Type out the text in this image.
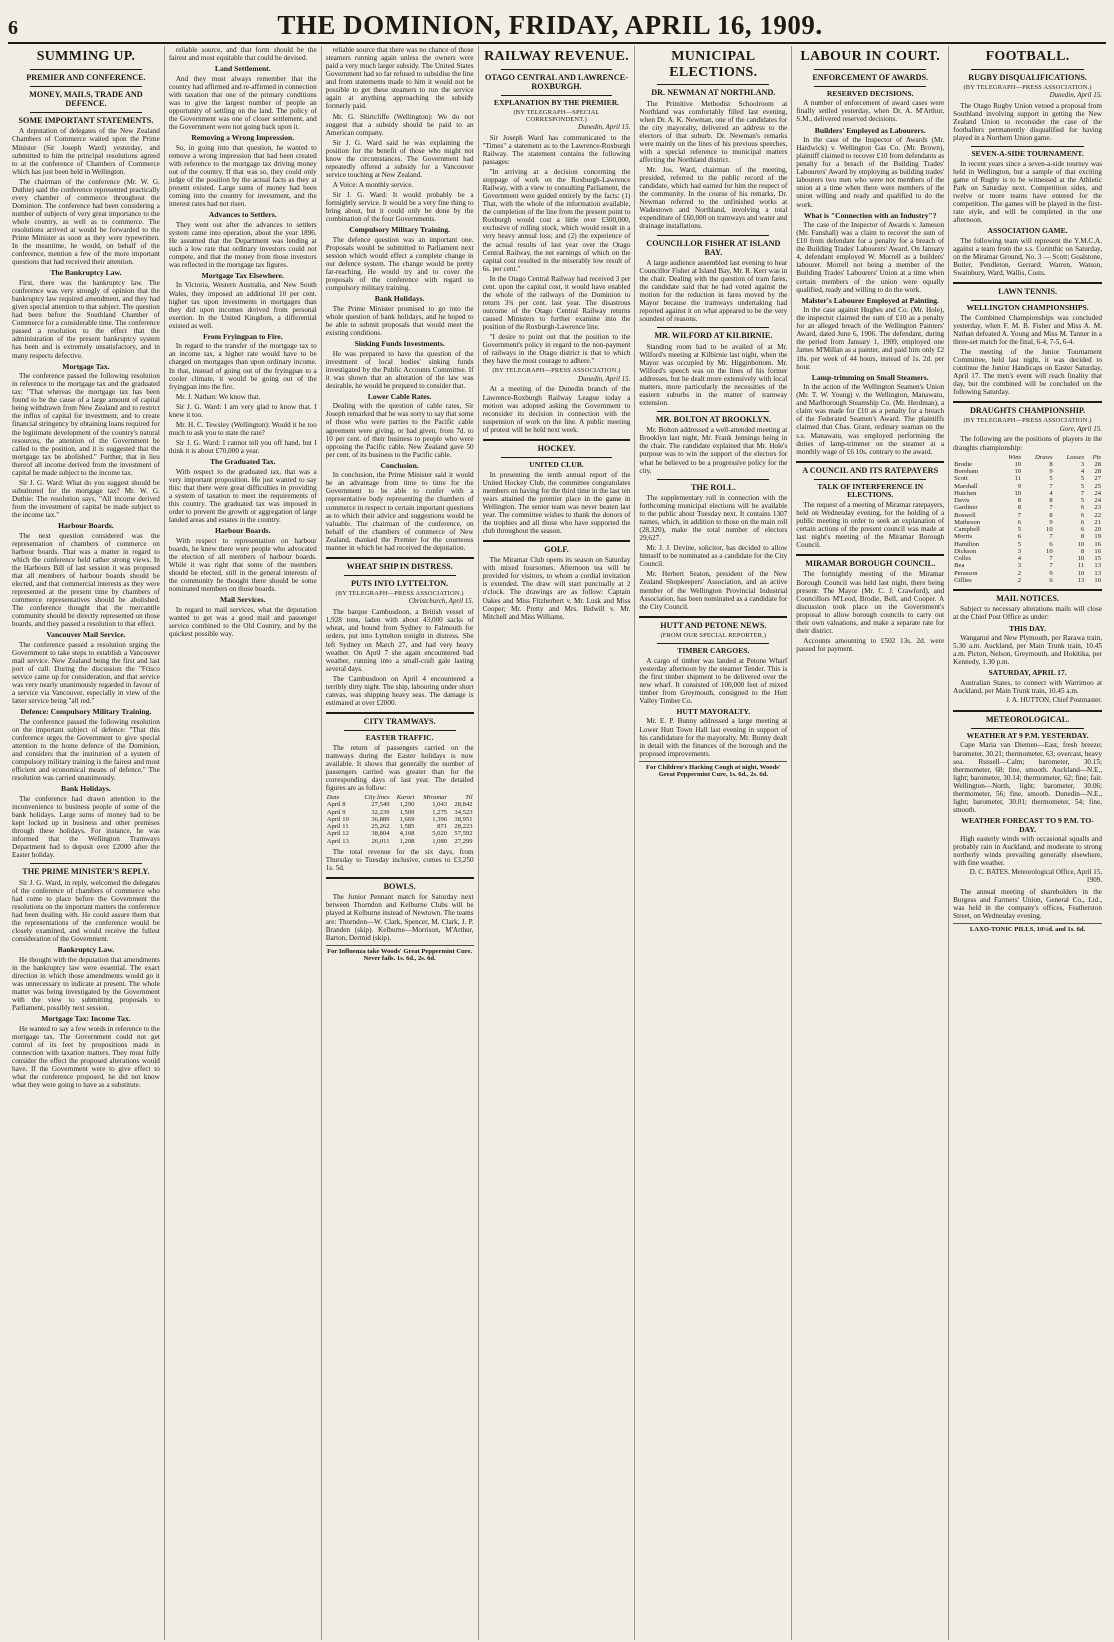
6	THE DOMINION, FRIDAY, APRIL 16, 1909.
SUMMING UP.
PREMIER AND CONFERENCE.
MONEY, MAILS, TRADE AND DEFENCE.
SOME IMPORTANT STATEMENTS.

A deputation of delegates of the New Zealand Chambers of Commerce waited upon the Prime Minister (Sir Joseph Ward) yesterday, and submitted to him the principal resolutions agreed to at the conference of Chambers of Commerce which has just been held in Wellington.

The chairman of the conference (Mr. W. G. Duthie) said the conference represented practically every chamber of commerce throughout the Dominion. The conference had been considering a number of subjects of very great importance to the whole country, as well as to commerce. The resolutions arrived at would be forwarded to the Prime Minister as soon as they were typewritten. In the meantime, he would, on behalf of the conference, mention a few of the more important questions that had received their attention.

The Bankruptcy Law.

First, there was the bankruptcy law. The conference was very strongly of opinion that the bankruptcy law required amendment, and they had given special attention to that subject. The question had been before the Southland Chamber of Commerce for a considerable time. The conference passed a resolution to the effect that the administration of the present bankruptcy system has been and is extremely unsatisfactory, and in many respects defective.

Mortgage Tax.

The conference passed the following resolution in reference to the mortgage tax and the graduated tax: "That whereas the mortgage tax has been found to be the cause of a large amount of capital being withdrawn from New Zealand and to restrict the influx of capital for investment, and to create financial stringency by obtaining loans required for the legitimate development of the country's natural resources, the attention of the Government be called to the position, and it is suggested that the mortgage tax be abolished." Further, that in lieu thereof all income derived from the investment of capital be made subject to the income tax.

Sir J. G. Ward: What do you suggest should be substituted for the mortgage tax? Mr. W. G. Duthie: The resolution says, "All income derived from the investment of capital be made subject to the income tax."

Harbour Boards.

The next question considered was the representation of chambers of commerce on harbour boards. That was a matter in regard to which the conference held rather strong views. In the Harbours Bill of last session it was proposed that all members of harbour boards should be elected, and that commercial interests as they were represented at the present time by chambers of commerce representatives should be abolished. The conference thought that the mercantile community should be directly represented on those boards, and they passed a resolution to that effect.

Vancouver Mail Service.

The conference passed a resolution urging the Government to take steps to establish a Vancouver mail service. New Zealand being the first and last port of call. During the discussion the "Frisco service came up for consideration, and that service was very nearly unanimously regarded in favour of a service via Vancouver, especially in view of the latter service being "all red."

Defence: Compulsory Military Training.

The conference passed the following resolution on the important subject of defence: "That this conference urges the Government to give special attention to the home defence of the Dominion, and considers that the institution of a system of compulsory military training is the fairest and most efficient and economical means of defence." The resolution was carried unanimously.

Bank Holidays.

The conference had drawn attention to the inconvenience to business people of some of the bank holidays. Large sums of money had to be kept locked up in business and other premises through these holidays. For instance, he was informed that the Wellington Tramways Department had to deposit over £2000 after the Easter holiday.

THE PRIME MINISTER'S REPLY.

Sir J. G. Ward, in reply, welcomed the delegates of the conference of chambers of commerce who had come to place before the Government the resolutions on the important matters the conference had been dealing with. He could assure them that the representations of the conference would be closely examined, and would receive the fullest consideration of the Government.

Bankruptcy Law.

He thought with the deputation that amendments in the bankruptcy law were essential. The exact direction in which those amendments would go it was unnecessary to indicate at present. The whole matter was being investigated by the Government with the view to submitting proposals to Parliament, possibly next session.

Mortgage Tax: Income Tax.

He wanted to say a few words in reference to the mortgage tax. The Government could not get control of its feet by propositions made in connection with taxation matters. They must fully consider the effect the proposed alterations would have. If the Government were to give effect to what the conference proposed, he did not know what they were going to have as a substitute.

reliable source, and that form should be the fairest and most equitable that could be devised.

Land Settlement.

And they must always remember that the country had affirmed and re-affirmed in connection with taxation that one of the primary conditions was to give the largest number of people an opportunity of settling on the land. The policy of the Government was one of closer settlement, and the Government were not going back upon it.

Removing a Wrong Impression.

So, in going into that question, he wanted to remove a wrong impression that had been created with reference to the mortgage tax driving money out of the country. If that was so, they could only judge of the position by the actual facts as they at present existed. Large sums of money had been coming into the country for investment, and the interest rates had not risen.

Advances to Settlers.

They went out after the advances to settlers system came into operation, about the year 1896. He assumed that the Department was lending at such a low rate that ordinary investors could not compete, and that the money from those investors was reflected in the mortgage tax figures.

Mortgage Tax Elsewhere.

In Victoria, Western Australia, and New South Wales, they imposed an additional 10 per cent. higher tax upon investments in mortgages than they did upon incomes derived from personal exertion. In the United Kingdom, a differential existed as well.

From Fryingpan to Fire.

In regard to the transfer of the mortgage tax to an income tax, a higher rate would have to be charged on mortgages than upon ordinary income. In that, instead of going out of the fryingpan to a cooler climate, it would be going out of the fryingpan into the fire.

Mr. J. Nathan: We know that.

Sir J. G. Ward: I am very glad to know that. I knew it too.

Mr. H. C. Tewsley (Wellington): Would it be too much to ask you to state the rate?

Sir J. G. Ward: I cannot tell you off hand, but I think it is about £70,000 a year.

The Graduated Tax.

With respect to the graduated tax, that was a very important proposition. He just wanted to say this: that there were great difficulties in providing a system of taxation to meet the requirements of this country. The graduated tax was imposed in order to prevent the growth or aggregation of large landed areas and estates in the country.

Harbour Boards.

With respect to representation on harbour boards, he knew there were people who advocated the election of all members of harbour boards. While it was right that some of the members should be elected, still in the general interests of the community he thought there should be some nominated members on those boards.

Mail Services.

In regard to mail services, what the deputation wanted to get was a good mail and passenger service combined to the Old Country, and by the quickest possible way.

reliable source that there was no chance of those steamers running again unless the owners were paid a very much larger subsidy. The United States Government had so far refused to subsidise the line and from statements made to him it would not be possible to get these steamers to run the service again at anything approaching the subsidy formerly paid.

Mr. G. Shirtcliffe (Wellington): We do not suggest that a subsidy should be paid to an American company.

Sir J. G. Ward said he was explaining the position for the benefit of those who might not know the circumstances. The Government had repeatedly offered a subsidy for a Vancouver service touching at New Zealand.

A Voice: A monthly service.

Sir J. G. Ward: It would probably be a fortnightly service. It would be a very fine thing to bring about, but it could only be done by the combination of the four Governments.

Compulsory Military Training.

The defence question was an important one. Proposals would be submitted to Parliament next session which would effect a complete change in our defence system. The change would be pretty far-reaching. He would try and to cover the proposals of the conference with regard to compulsory military training.

Bank Holidays.

The Prime Minister promised to go into the whole question of bank holidays, and he hoped to be able to submit proposals that would meet the existing conditions.

Sinking Funds Investments.

He was prepared to have the question of the investment of local bodies' sinking funds investigated by the Public Accounts Committee. If it was shown that an alteration of the law was desirable, he would be prepared to consider that.

Lower Cable Rates.

Dealing with the question of cable rates, Sir Joseph remarked that he was sorry to say that some of those who were parties to the Pacific cable agreement were giving, or had given, from 7d. to 10 per cent. of their business to people who were opposing the Pacific cable. New Zealand gave 50 per cent. of its business to the Pacific cable.

Conclusion.

In conclusion, the Prime Minister said it would be an advantage from time to time for the Government to be able to confer with a representative body representing the chambers of commerce in respect to certain important questions as to which their advice and suggestions would be valuable. The chairman of the conference, on behalf of the chambers of commerce of New Zealand, thanked the Premier for the courteous manner in which he had received the deputation.

WHEAT SHIP IN DISTRESS.
PUTS INTO LYTTELTON.
(BY TELEGRAPH—PRESS ASSOCIATION.)
Christchurch, April 15.

The barque Cambusdoon, a British vessel of 1,928 tons, laden with about 43,000 sacks of wheat, and bound from Sydney to Falmouth for orders, put into Lyttelton tonight in distress. She left Sydney on March 27, and had very heavy weather. On April 7 she again encountered bad weather, running into a small-craft gale lasting several days.

The Cambusdoon on April 4 encountered a terribly dirty night. The ship, labouring under short canvas, was shipping heavy seas. The damage is estimated at over £2000.

CITY TRAMWAYS.
EASTER TRAFFIC.

The return of passengers carried on the tramways during the Easter holidays is now available. It shows that generally the number of passengers carried was greater than for the corresponding days of last year. The detailed figures are as follow:

Date	City lines	Karori	Miramar	Ttl
April 8	27,549	1,290	1,043	28,842
April 9	32,239	1,509	1,275	34,523
April 10	36,889	1,669	1,396	38,951
April 11	25,262	1,585	871	28,223
April 12	38,804	4,168	5,020	57,592
April 13	26,011	1,208	1,080	27,299

The total revenue for the six days, from Thursday to Tuesday inclusive, comes to £3,250 1s. 5d.

BOWLS.

The Junior Pennant match for Saturday next between Thorndon and Kelburne Clubs will be played at Kelburne instead of Newtown. The teams are: Thorndon—W. Clark, Spencer, M. Clark, J. P. Branden (skip). Kelburne—Morrison, M'Arthur, Barton, Dermid (skip).

For Influenza take Woods' Great Peppermint Cure. Never fails. 1s. 6d., 2s. 6d.
RAILWAY REVENUE.
OTAGO CENTRAL AND LAWRENCE-ROXBURGH.
EXPLANATION BY THE PREMIER.
(BY TELEGRAPH—SPECIAL CORRESPONDENT.)
Dunedin, April 15.

Sir Joseph Ward has communicated to the "Times" a statement as to the Lawrence-Roxburgh Railway. The statement contains the following passages:

"In arriving at a decision concerning the stoppage of work on the Roxburgh-Lawrence Railway, with a view to consulting Parliament, the Government were guided entirely by the facts: (1) That, with the whole of the information available, the completion of the line from the present point to Roxburgh would cost a little over £300,000, exclusive of rolling stock, which would result in a very heavy annual loss; and (2) the experience of the actual results of last year over the Otago Central Railway, the net earnings of which on the capital cost resulted in the miserably low result of 6s. per cent."

In the Otago Central Railway had received 3 per cent. upon the capital cost, it would have enabled the whole of the railways of the Dominion to return 3¾ per cent. last year. The disastrous outcome of the Otago Central Railway returns caused Ministers to further examine into the position of the Roxburgh-Lawrence line.

"I desire to point out that the position to the Government's policy in regard to the non-payment of railways in the Otago district is that to which they have the most courage to adhere."

(BY TELEGRAPH—PRESS ASSOCIATION.)
Dunedin, April 15.

At a meeting of the Dunedin branch of the Lawrence-Roxburgh Railway League today a motion was adopted asking the Government to reconsider its decision in connection with the suspension of work on the line. A public meeting of protest will be held next week.

HOCKEY.
UNITED CLUB.

In presenting the tenth annual report of the United Hockey Club, the committee congratulates members on having for the third time in the last ten years attained the premier place in the game in Wellington. The senior team was never beaten last year. The committee wishes to thank the donors of the trophies and all those who have supported the club throughout the season.

GOLF.

The Miramar Club opens its season on Saturday with mixed foursomes. Afternoon tea will be provided for visitors, to whom a cordial invitation is extended. The draw will start punctually at 2 o'clock. The drawings are as follow: Captain Oakes and Miss Fitzherbert v. Mr. Lusk and Miss Cooper; Mr. Pretty and Mrs. Bidwill v. Mr. Mitchell and Miss Williams.

MUNICIPAL ELECTIONS.
DR. NEWMAN AT NORTHLAND.

The Primitive Methodist Schoolroom at Northland was comfortably filled last evening, when Dr. A. K. Newman, one of the candidates for the city mayoralty, delivered an address to the electors of that suburb. Dr. Newman's remarks were mainly on the lines of his previous speeches, with a special reference to municipal matters affecting the Northland district.

Mr. Jos. Ward, chairman of the meeting, presided, referred to the public record of the candidate, which had earned for him the respect of the community. In the course of his remarks, Dr. Newman referred to the unfinished works at Wadestown and Northland, involving a total expenditure of £60,000 on tramways and water and drainage installations.

COUNCILLOR FISHER AT ISLAND BAY.

A large audience assembled last evening to hear Councillor Fisher at Island Bay, Mr. R. Kerr was in the chair. Dealing with the question of tram fares, the candidate said that he had voted against the motion for the reduction in fares moved by the Mayor because the tramways undertaking had reported against it on what appeared to be the very soundest of reasons.

MR. WILFORD AT KILBIRNIE.

Standing room had to be availed of at Mr. Wilford's meeting at Kilbirnie last night, when the Mayor was occupied by Mr. Higginbottom. Mr. Wilford's speech was on the lines of his former addresses, but he dealt more extensively with local matters, more particularly the necessities of the eastern suburbs in the matter of tramway extension.

MR. BOLTON AT BROOKLYN.

Mr. Bolton addressed a well-attended meeting at Brooklyn last night, Mr. Frank Jennings being in the chair. The candidate explained that Mr. Hole's purpose was to win the support of the electors for what he believed to be a progressive policy for the city.

THE ROLL.

The supplementary roll in connection with the forthcoming municipal elections will be available to the public about Tuesday next. It contains 1307 names, which, in addition to those on the main roll (28,320), make the total number of electors 29,627.

Mr. J. J. Devine, solicitor, has decided to allow himself to be nominated as a candidate for the City Council.

Mr. Herbert Seaton, president of the New Zealand Shopkeepers' Association, and an active member of the Wellington Provincial Industrial Association, has been nominated as a candidate for the City Council.

HUTT AND PETONE NEWS.
(FROM OUR SPECIAL REPORTER.)
TIMBER CARGOES.

A cargo of timber was landed at Petone Wharf yesterday afternoon by the steamer Tender. This is the first timber shipment to be delivered over the new wharf. It consisted of 100,000 feet of mixed timber from Greymouth, consigned to the Hutt Valley Timber Co.

HUTT MAYORALTY.

Mr. E. P. Bunny addressed a large meeting at Lower Hutt Town Hall last evening in support of his candidature for the mayoralty. Mr. Bunny dealt in detail with the finances of the borough and the proposed improvements.

For Children's Hacking Cough at night, Woods' Great Peppermint Cure, 1s. 6d., 2s. 6d.
LABOUR IN COURT.
ENFORCEMENT OF AWARDS.
RESERVED DECISIONS.

A number of enforcement of award cases were finally settled yesterday, when Dr. A. M'Arthur, S.M., delivered reserved decisions.

Builders' Employed as Labourers.

In the case of the Inspector of Awards (Mr. Hardwick) v. Wellington Gas Co. (Mr. Brown), plaintiff claimed to recover £10 from defendants as penalty for a breach of the Building Trades' Labourers' Award by employing as building trades' labourers two men who were not members of the union at a time when there were members of the union willing and ready and qualified to do the work.

What is "Connection with an Industry"?

The case of the Inspector of Awards v. Jameson (Mr. Fanshall) was a claim to recover the sum of £10 from defendant for a penalty for a breach of the Building Trades' Labourers' Award. On January 4, defendant employed W. Morrell as a builders' labourer. Morrell not being a member of the Building Trades' Labourers' Union at a time when certain members of the union were equally qualified, ready and willing to do the work.

Malster's Labourer Employed at Painting.

In the case against Hughes and Co. (Mr. Hole), the inspector claimed the sum of £10 as a penalty for an alleged breach of the Wellington Painters' Award, dated June 6, 1906. The defendant, during the period from January 1, 1909, employed one James M'Millan as a painter, and paid him only £2 18s. per week of 44 hours, instead of 1s. 2d. per hour.

Lamp-trimming on Small Steamers.

In the action of the Wellington Seamen's Union (Mr. T. W. Young) v. the Wellington, Manawatu, and Marlborough Steamship Co. (Mr. Herdman), a claim was made for £10 as a penalty for a breach of the Federated Seamen's Award. The plaintiffs claimed that Chas. Grant, ordinary seaman on the s.s. Manawatu, was employed performing the duties of lamp-trimmer on the steamer at a monthly wage of £6 10s. contrary to the award.

A COUNCIL AND ITS RATEPAYERS
TALK OF INTERFERENCE IN ELECTIONS.

The request of a meeting of Miramar ratepayers, held on Wednesday evening, for the holding of a public meeting in order to seek an explanation of certain actions of the present council was made at last night's meeting of the Miramar Borough Council.

MIRAMAR BOROUGH COUNCIL.

The fortnightly meeting of the Miramar Borough Council was held last night, there being present: The Mayor (Mr. C. J. Crawford), and Councillors M'Leod, Brodie, Bell, and Cooper. A discussion took place on the Government's proposal to allow borough councils to carry out their own valuations, and make a separate rate for their district.

Accounts amounting to £502 13s. 2d. were passed for payment.

FOOTBALL.
RUGBY DISQUALIFICATIONS.
(BY TELEGRAPH—PRESS ASSOCIATION.)
Dunedin, April 15.

The Otago Rugby Union vetoed a proposal from Southland involving support in getting the New Zealand Union to reconsider the case of the footballers permanently disqualified for having played in a Northern Union game.

SEVEN-A-SIDE TOURNAMENT.

In recent years since a seven-a-side tourney was held in Wellington, but a sample of that exciting game of Rugby is to be witnessed at the Athletic Park on Saturday next. Competition sides, and twelve or more teams have entered for the competition. The games will be played in the first-rate style, and will be completed in the one afternoon.

ASSOCIATION GAME.

The following team will represent the Y.M.C.A. against a team from the s.s. Corinthic on Saturday, on the Miramar Ground, No. 3 — Scott; Goalstone, Butler, Pendleton, Gerrard; Warren, Watson, Swainbury, Ward, Wallis, Costs.

LAWN TENNIS.
WELLINGTON CHAMPIONSHIPS.

The Combined Championships was concluded yesterday, when F. M. B. Fisher and Miss A. M. Nathan defeated A. Young and Miss M. Tanner in a three-set match for the final, 6-4, 7-5, 6-4.

The meeting of the Junior Tournament Committee, held last night, it was decided to continue the Junior Handicaps on Easter Saturday, April 17. The men's event will reach finality that day, but the combined will be concluded on the following Saturday.

DRAUGHTS CHAMPIONSHIP.
(BY TELEGRAPH—PRESS ASSOCIATION.)
Gore, April 15.

The following are the positions of players in the draughts championship:

	Wins	Draws	Losses	Pts
Brodie	10	8	3	28
Boreham	10	9	4	28
Scott	11	5	5	27
Marshall	9	7	5	25
Hutchen	10	4	7	24
Davis	8	8	5	24
Gardiner	8	7	6	23
Boswell	7	8	6	22
Matheson	6	9	6	21
Campbell	5	10	6	20
Morris	6	7	8	19
Hamilton	5	6	10	16
Dickson	3	10	8	16
Colles	4	7	10	15
Bea	3	7	11	13
Perasson	2	9	10	13
Gillies	2	6	13	10
MAIL NOTICES.

Subject to necessary alterations mails will close at the Chief Post Office as under:

THIS DAY.

Wanganui and New Plymouth, per Rarawa train, 5.30 a.m. Auckland, per Main Trunk train, 10.45 a.m. Picton, Nelson, Greymouth, and Hokitika, per Kennedy, 1.30 p.m.

SATURDAY, APRIL 17.

Australian States, to connect with Warrimoo at Auckland, per Main Trunk train, 10.45 a.m.

J. A. HUTTON, Chief Postmaster.
METEOROLOGICAL.
WEATHER AT 9 P.M. YESTERDAY.

Cape Maria van Diemen—East, fresh breeze; barometer, 30.21; thermometer, 63; overcast, heavy sea. Russell—Calm; barometer, 30.15; thermometer, 68; fine, smooth. Auckland—N.E., light; barometer, 30.14; thermometer, 62; fine; fair. Wellington—North, light; barometer, 30.06; thermometer, 56; fine, smooth. Dunedin—N.E., light; barometer, 30.01; thermometer, 54; fine, smooth.

WEATHER FORECAST TO 9 P.M. TO-DAY.

High easterly winds with occasional squalls and probably rain in Auckland, and moderate to strong northerly winds prevailing generally elsewhere, with fine weather.

D. C. BATES. Meteorological Office, April 15, 1909.

The annual meeting of shareholders in the Burgess and Farmers' Union, General Co., Ltd., was held in the company's offices, Featherston Street, on Wednesday evening.

LAXO-TONIC PILLS, 10½d. and 1s. 6d.
